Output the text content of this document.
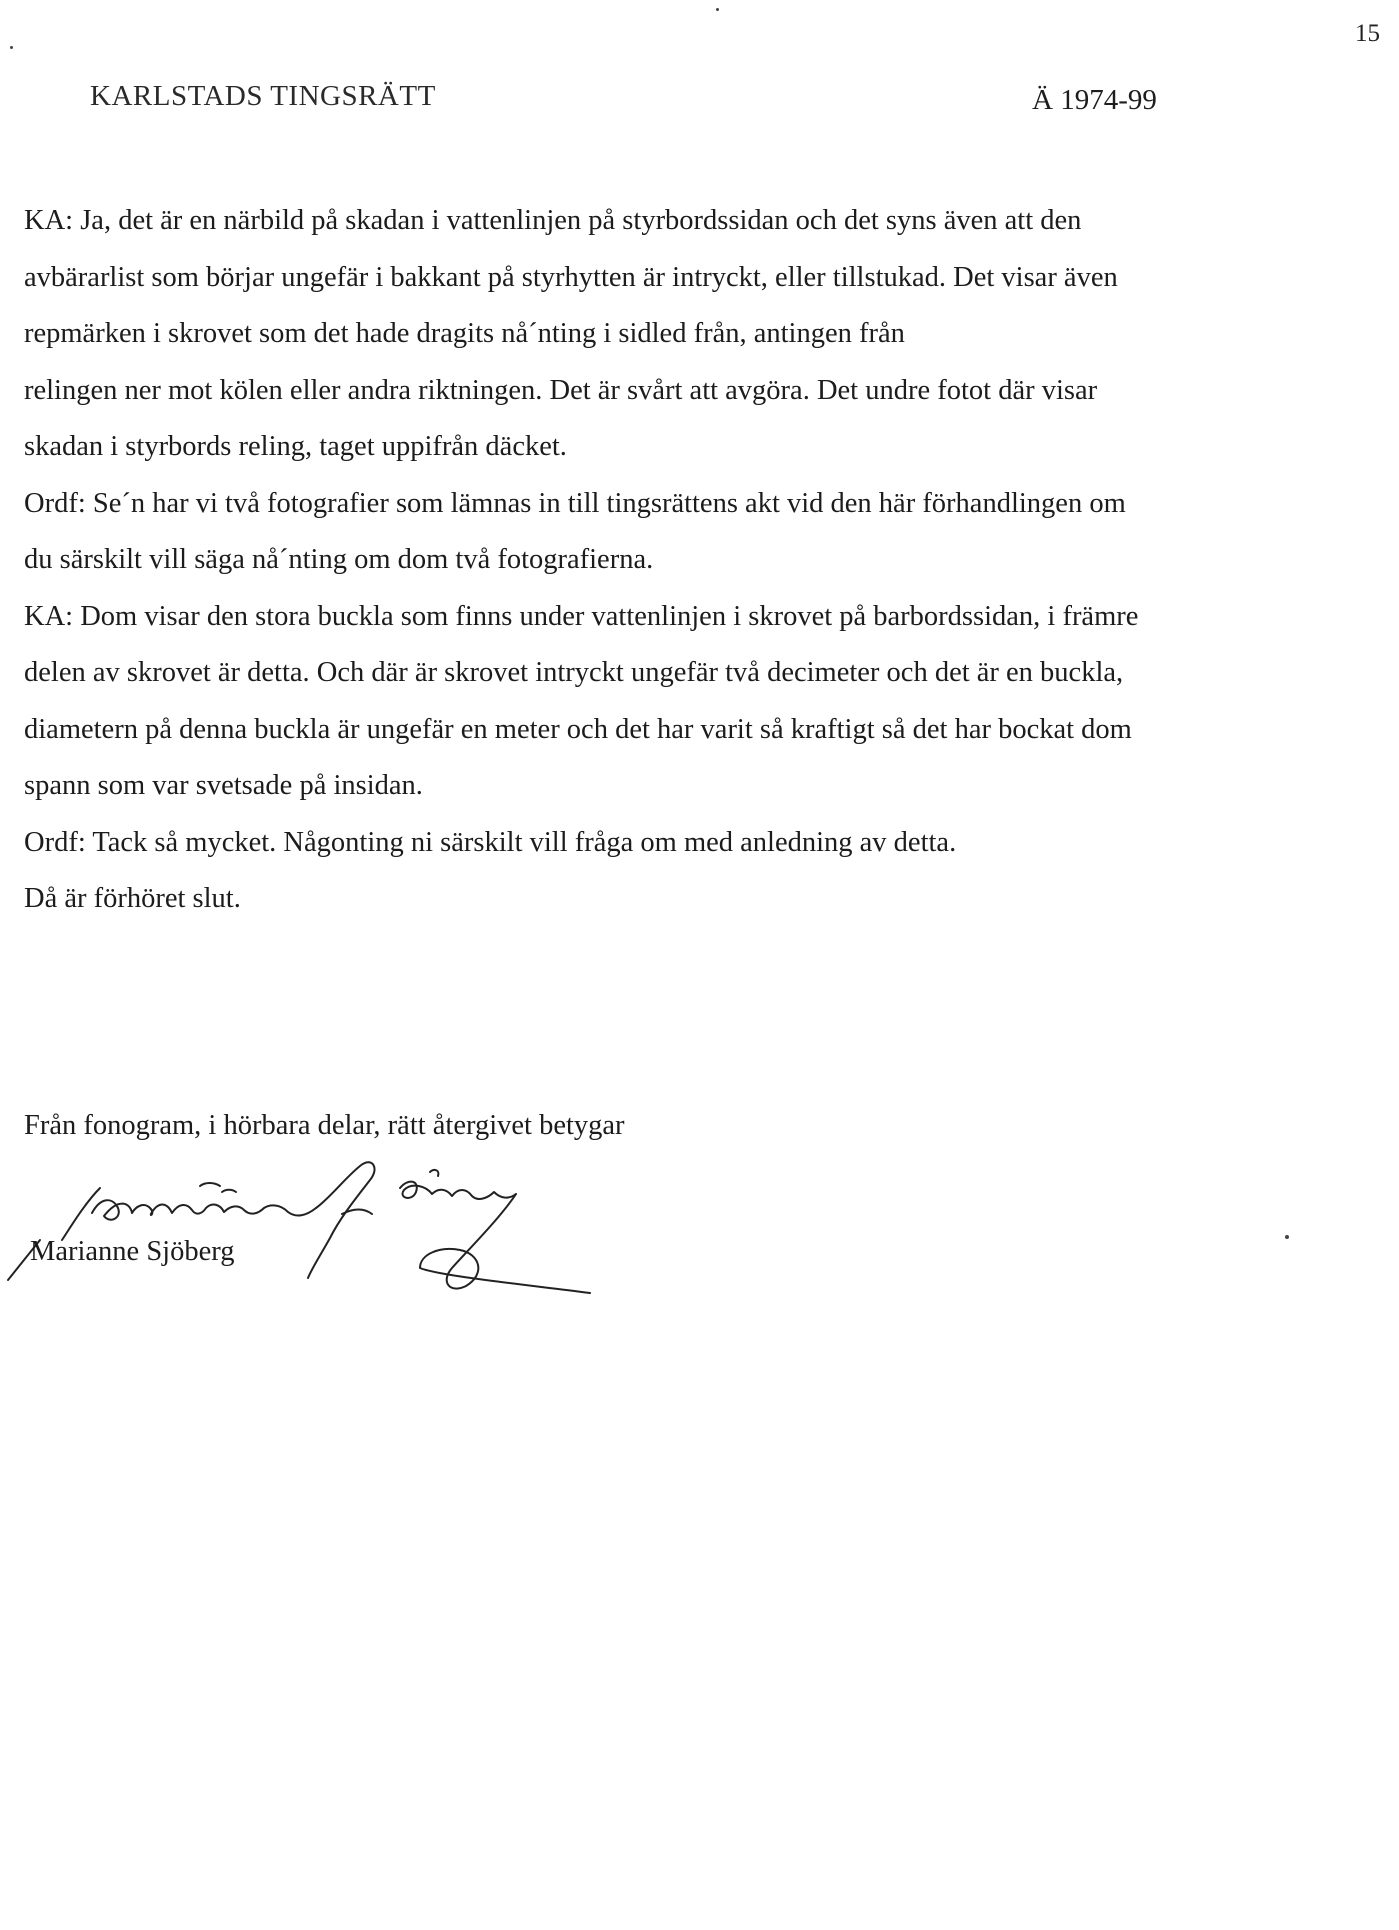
15
KARLSTADS TINGSRÄTT	Ä 1974-99
KA: Ja, det är en närbild på skadan i vattenlinjen på styrbordssidan och det syns även att den
avbärarlist som börjar ungefär i bakkant på styrhytten är intryckt, eller tillstukad. Det visar även
repmärken i skrovet som det hade dragits nå´nting i sidled från, antingen från
relingen ner mot kölen eller andra riktningen. Det är svårt att avgöra. Det undre fotot där visar
skadan i styrbords reling, taget uppifrån däcket.
Ordf: Se´n har vi två fotografier som lämnas in till tingsrättens akt vid den här förhandlingen om
du särskilt vill säga nå´nting om dom två fotografierna.
KA: Dom visar den stora buckla som finns under vattenlinjen i skrovet på barbordssidan, i främre
delen av skrovet är detta. Och där är skrovet intryckt ungefär två decimeter och det är en buckla,
diametern på denna buckla är ungefär en meter och det har varit så kraftigt så det har bockat dom
spann som var svetsade på insidan.
Ordf: Tack så mycket. Någonting ni särskilt vill fråga om med anledning av detta.
Då är förhöret slut.
Från fonogram, i hörbara delar, rätt återgivet betygar
Marianne Sjöberg
